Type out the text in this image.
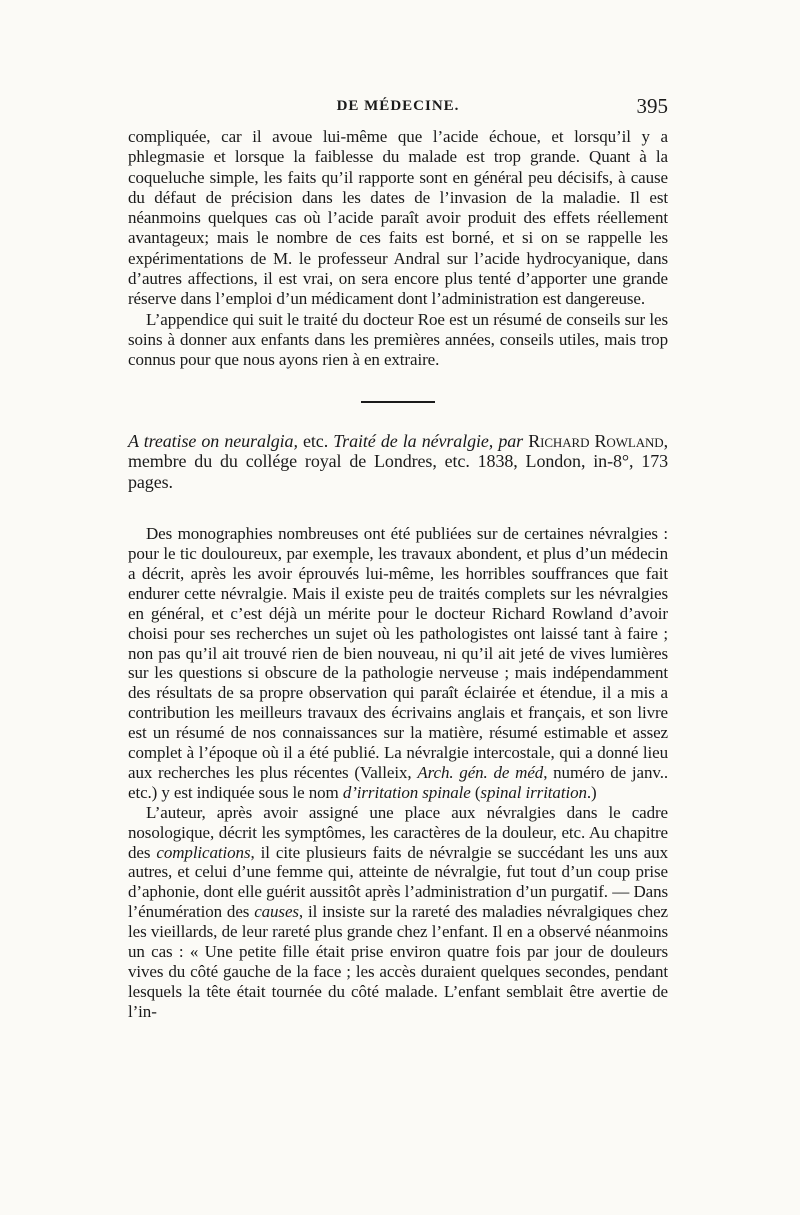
DE MÉDECINE.	395

compliquée, car il avoue lui-même que l’acide échoue, et lorsqu’il y a phlegmasie et lorsque la faiblesse du malade est trop grande. Quant à la coqueluche simple, les faits qu’il rapporte sont en général peu décisifs, à cause du défaut de précision dans les dates de l’invasion de la maladie. Il est néanmoins quelques cas où l’acide paraît avoir produit des effets réellement avantageux; mais le nombre de ces faits est borné, et si on se rappelle les expérimentations de M. le professeur Andral sur l’acide hydrocyanique, dans d’autres affections, il est vrai, on sera encore plus tenté d’apporter une grande réserve dans l’emploi d’un médicament dont l’administration est dangereuse.

L’appendice qui suit le traité du docteur Roe est un résumé de conseils sur les soins à donner aux enfants dans les premières années, conseils utiles, mais trop connus pour que nous ayons rien à en extraire.

A treatise on neuralgia, etc. Traité de la névralgie, par Richard Rowland, membre du du collége royal de Londres, etc. 1838, London, in-8°, 173 pages.

Des monographies nombreuses ont été publiées sur de certaines névralgies : pour le tic douloureux, par exemple, les travaux abondent, et plus d’un médecin a décrit, après les avoir éprouvés lui-même, les horribles souffrances que fait endurer cette névralgie. Mais il existe peu de traités complets sur les névralgies en général, et c’est déjà un mérite pour le docteur Richard Rowland d’avoir choisi pour ses recherches un sujet où les pathologistes ont laissé tant à faire ; non pas qu’il ait trouvé rien de bien nouveau, ni qu’il ait jeté de vives lumières sur les questions si obscure de la pathologie nerveuse ; mais indépendamment des résultats de sa propre observation qui paraît éclairée et étendue, il a mis a contribution les meilleurs travaux des écrivains anglais et français, et son livre est un résumé de nos connaissances sur la matière, résumé estimable et assez complet à l’époque où il a été publié. La névralgie intercostale, qui a donné lieu aux recherches les plus récentes (Valleix, Arch. gén. de méd, numéro de janv.. etc.) y est indiquée sous le nom d’irritation spinale (spinal irritation.)

L’auteur, après avoir assigné une place aux névralgies dans le cadre nosologique, décrit les symptômes, les caractères de la douleur, etc. Au chapitre des complications, il cite plusieurs faits de névralgie se succédant les uns aux autres, et celui d’une femme qui, atteinte de névralgie, fut tout d’un coup prise d’aphonie, dont elle guérit aussitôt après l’administration d’un purgatif. — Dans l’énumération des causes, il insiste sur la rareté des maladies névralgiques chez les vieillards, de leur rareté plus grande chez l’enfant. Il en a observé néanmoins un cas : « Une petite fille était prise environ quatre fois par jour de douleurs vives du côté gauche de la face ; les accès duraient quelques secondes, pendant lesquels la tête était tournée du côté malade. L’enfant semblait être avertie de l’in-
